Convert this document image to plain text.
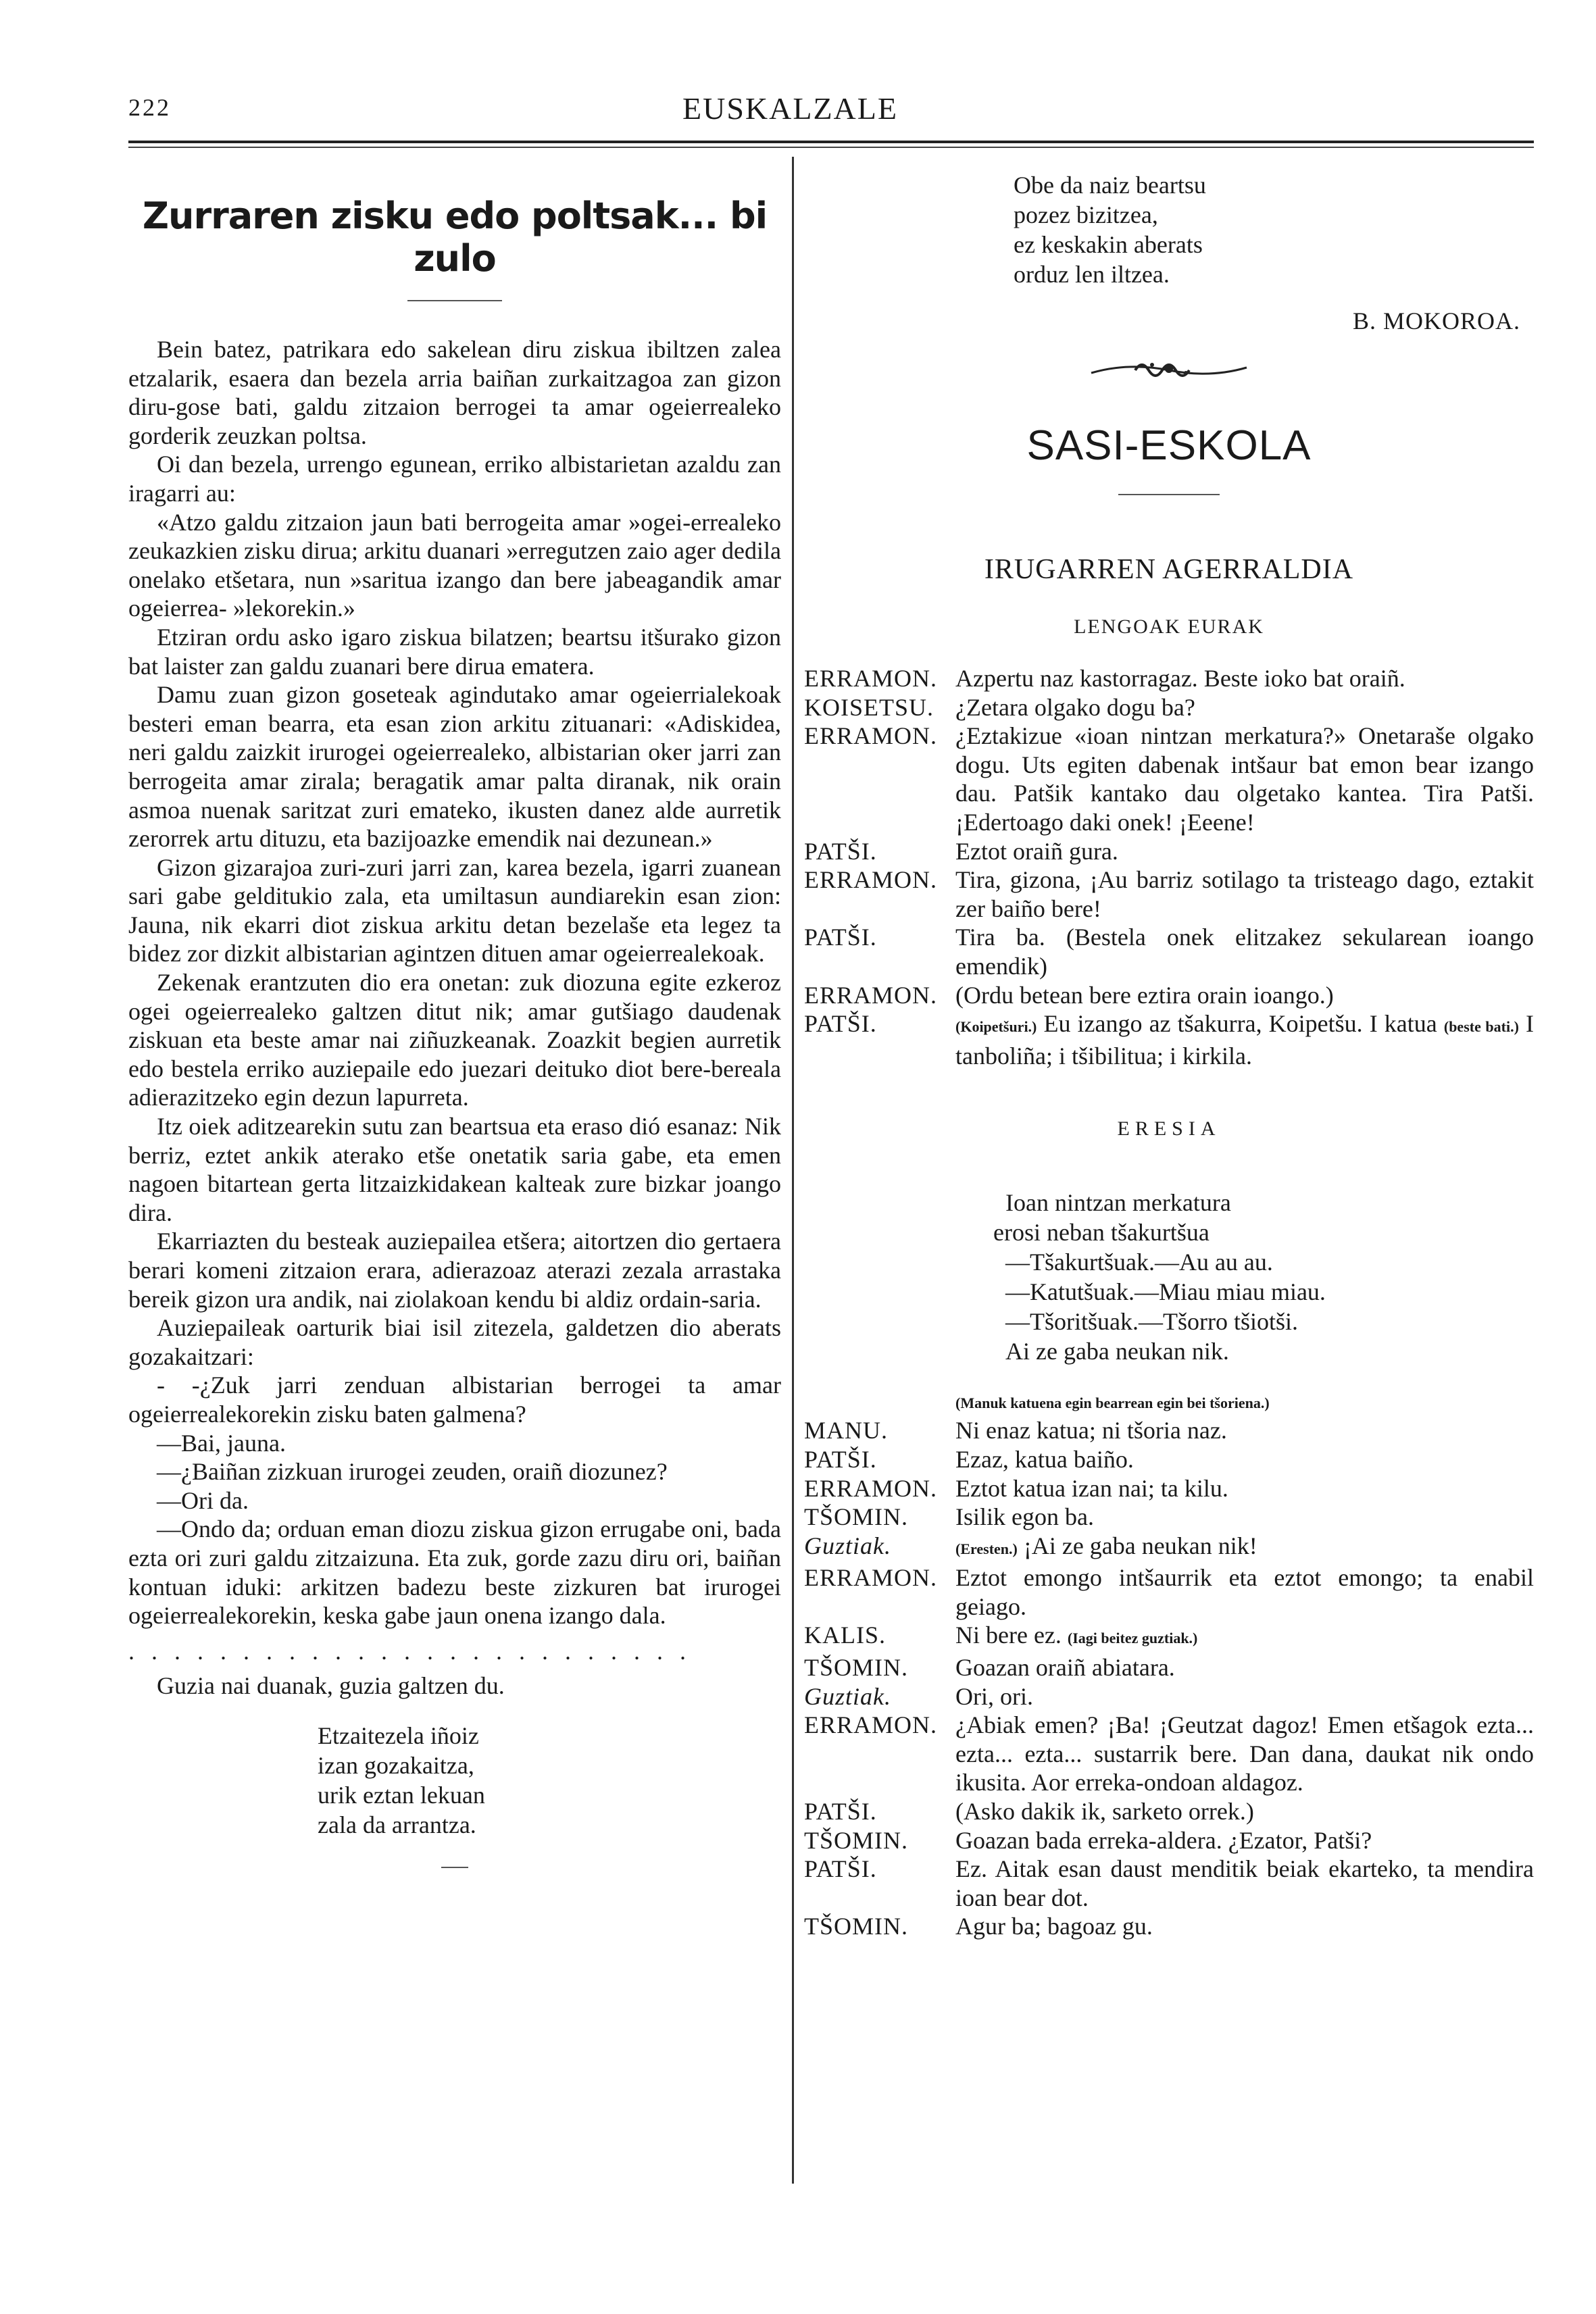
222	EUSKALZALE
Zurraren zisku edo poltsak... bi zulo

Bein batez, patrikara edo sakelean diru ziskua ibiltzen zalea etzalarik, esaera dan bezela arria baiñan zurkaitzagoa zan gizon diru-gose bati, galdu zitzaion berrogei ta amar ogeierrealeko gorderik zeuzkan poltsa.

Oi dan bezela, urrengo egunean, erriko albistarietan azaldu zan iragarri au:

«Atzo galdu zitzaion jaun bati berrogeita amar »ogei-errealeko zeukazkien zisku dirua; arkitu duanari »erregutzen zaio ager dedila onelako etšetara, nun »saritua izango dan bere jabeagandik amar ogeierrea- »lekorekin.»

Etziran ordu asko igaro ziskua bilatzen; beartsu itšurako gizon bat laister zan galdu zuanari bere dirua ematera.

Damu zuan gizon goseteak agindutako amar ogeierrialekoak besteri eman bearra, eta esan zion arkitu zituanari: «Adiskidea, neri galdu zaizkit irurogei ogeierrealeko, albistarian oker jarri zan berrogeita amar zirala; beragatik amar palta diranak, nik orain asmoa nuenak saritzat zuri emateko, ikusten danez alde aurretik zerorrek artu dituzu, eta bazijoazke emendik nai dezunean.»

Gizon gizarajoa zuri-zuri jarri zan, karea bezela, igarri zuanean sari gabe gelditukio zala, eta umiltasun aundiarekin esan zion: Jauna, nik ekarri diot ziskua arkitu detan bezelaše eta legez ta bidez zor dizkit albistarian agintzen dituen amar ogeierrealekoak.

Zekenak erantzuten dio era onetan: zuk diozuna egite ezkeroz ogei ogeierrealeko galtzen ditut nik; amar gutšiago daudenak ziskuan eta beste amar nai ziñuzkeanak. Zoazkit begien aurretik edo bestela erriko auziepaile edo juezari deituko diot bere-bereala adierazitzeko egin dezun lapurreta.

Itz oiek aditzearekin sutu zan beartsua eta eraso dió esanaz: Nik berriz, eztet ankik aterako etše onetatik saria gabe, eta emen nagoen bitartean gerta litzaizkidakean kalteak zure bizkar joango dira.

Ekarriazten du besteak auziepailea etšera; aitortzen dio gertaera berari komeni zitzaion erara, adierazoaz aterazi zezala arrastaka bereik gizon ura andik, nai ziolakoan kendu bi aldiz ordain-saria.

Auziepaileak oarturik biai isil zitezela, galdetzen dio aberats gozakaitzari:

- -¿Zuk jarri zenduan albistarian berrogei ta amar ogeierrealekorekin zisku baten galmena?

—Bai, jauna.

—¿Baiñan zizkuan irurogei zeuden, oraiñ diozunez?

—Ori da.

—Ondo da; orduan eman diozu ziskua gizon errugabe oni, bada ezta ori zuri galdu zitzaizuna. Eta zuk, gorde zazu diru ori, baiñan kontuan iduki: arkitzen badezu beste zizkuren bat irurogei ogeierrealekorekin, keska gabe jaun onena izango dala.

. . . . . . . . . . . . . . . . . . . . . . . . .
Guzia nai duanak, guzia galtzen du.
Etzaitezela iñoiz
izan gozakaitza,
urik eztan lekuan
zala da arrantza.
Obe da naiz beartsu
pozez bizitzea,
ez keskakin aberats
orduz len iltzea.
B. MOKOROA.
SASI-ESKOLA
IRUGARREN AGERRALDIA
LENGOAK EURAK
ERRAMON. Azpertu naz kastorragaz. Beste ioko bat oraiñ.
KOISETSU. ¿Zetara olgako dogu ba?
ERRAMON. ¿Eztakizue «ioan nintzan merkatura?» Onetaraše olgako dogu. Uts egiten dabenak intšaur bat emon bear izango dau. Patšik kantako dau olgetako kantea. Tira Patši. ¡Edertoago daki onek! ¡Eeene!
PATŠI.	Eztot oraiñ gura.
ERRAMON. Tira, gizona, ¡Au barriz sotilago ta tristeago dago, eztakit zer baiño bere!
PATŠI.	Tira ba. (Bestela onek elitzakez sekularean ioango emendik)
ERRAMON. (Ordu betean bere eztira orain ioango.)
PATŠI.	(Koipetšuri.) Eu izango az tšakurra, Koipetšu. I katua (beste bati.) I tanboliña; i tšibilitua; i kirkila.
ERESIA
Ioan nintzan merkatura
erosi neban tšakurtšua
—Tšakurtšuak.—Au au au.
—Katutšuak.—Miau miau miau.
—Tšoritšuak.—Tšorro tšiotši.
Ai ze gaba neukan nik.
(Manuk katuena egin bearrean egin bei tšoriena.)
MANU.	Ni enaz katua; ni tšoria naz.
PATŠI.	Ezaz, katua baiño.
ERRAMON. Eztot katua izan nai; ta kilu.
TŠOMIN.	Isilik egon ba.
Guztiak.	(Eresten.) ¡Ai ze gaba neukan nik!
ERRAMON. Eztot emongo intšaurrik eta eztot emongo; ta enabil geiago.
KALIS.	Ni bere ez. (Iagi beitez guztiak.)
TŠOMIN.	Goazan oraiñ abiatara.
Guztiak.	Ori, ori.
ERRAMON. ¿Abiak emen? ¡Ba! ¡Geutzat dagoz! Emen etšagok ezta... ezta... ezta... sustarrik bere. Dan dana, daukat nik ondo ikusita. Aor erreka-ondoan aldagoz.
PATŠI.	(Asko dakik ik, sarketo orrek.)
TŠOMIN.	Goazan bada erreka-aldera. ¿Ezator, Patši?
PATŠI.	Ez. Aitak esan daust menditik beiak ekarteko, ta mendira ioan bear dot.
TŠOMIN.	Agur ba; bagoaz gu.
